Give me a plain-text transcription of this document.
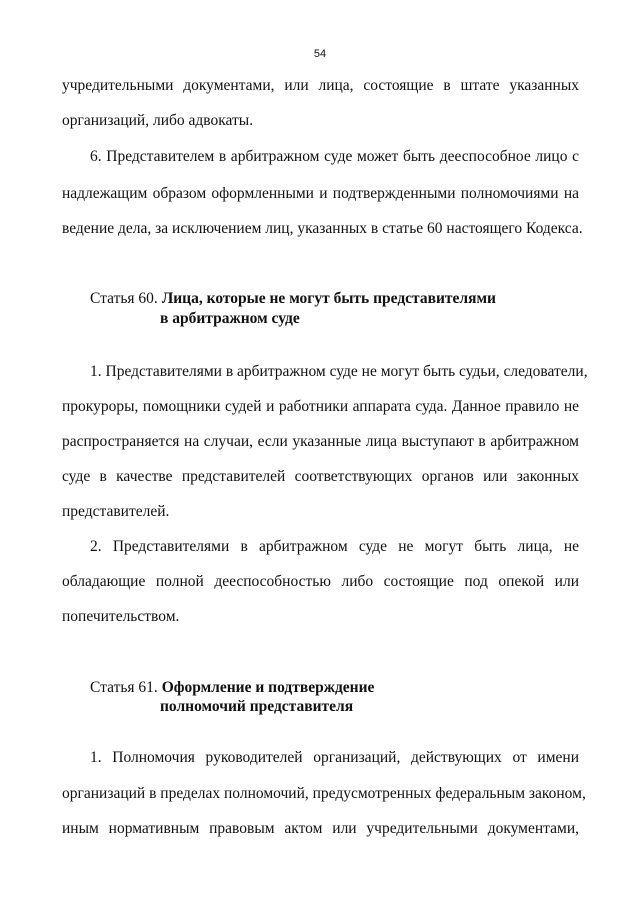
54
учредительными документами, или лица, состоящие в штате указанных
организаций, либо адвокаты.
6. Представителем в арбитражном суде может быть дееспособное лицо с
надлежащим образом оформленными и подтвержденными полномочиями на
ведение дела, за исключением лиц, указанных в статье 60 настоящего Кодекса.
Статья 60. Лица, которые не могут быть представителями
в арбитражном суде
1. Представителями в арбитражном суде не могут быть судьи, следователи,
прокуроры, помощники судей и работники аппарата суда. Данное правило не
распространяется на случаи, если указанные лица выступают в арбитражном
суде в качестве представителей соответствующих органов или законных
представителей.
2. Представителями в арбитражном суде не могут быть лица, не
обладающие полной дееспособностью либо состоящие под опекой или
попечительством.
Статья 61. Оформление и подтверждение
полномочий представителя
1. Полномочия руководителей организаций, действующих от имени
организаций в пределах полномочий, предусмотренных федеральным законом,
иным нормативным правовым актом или учредительными документами,
